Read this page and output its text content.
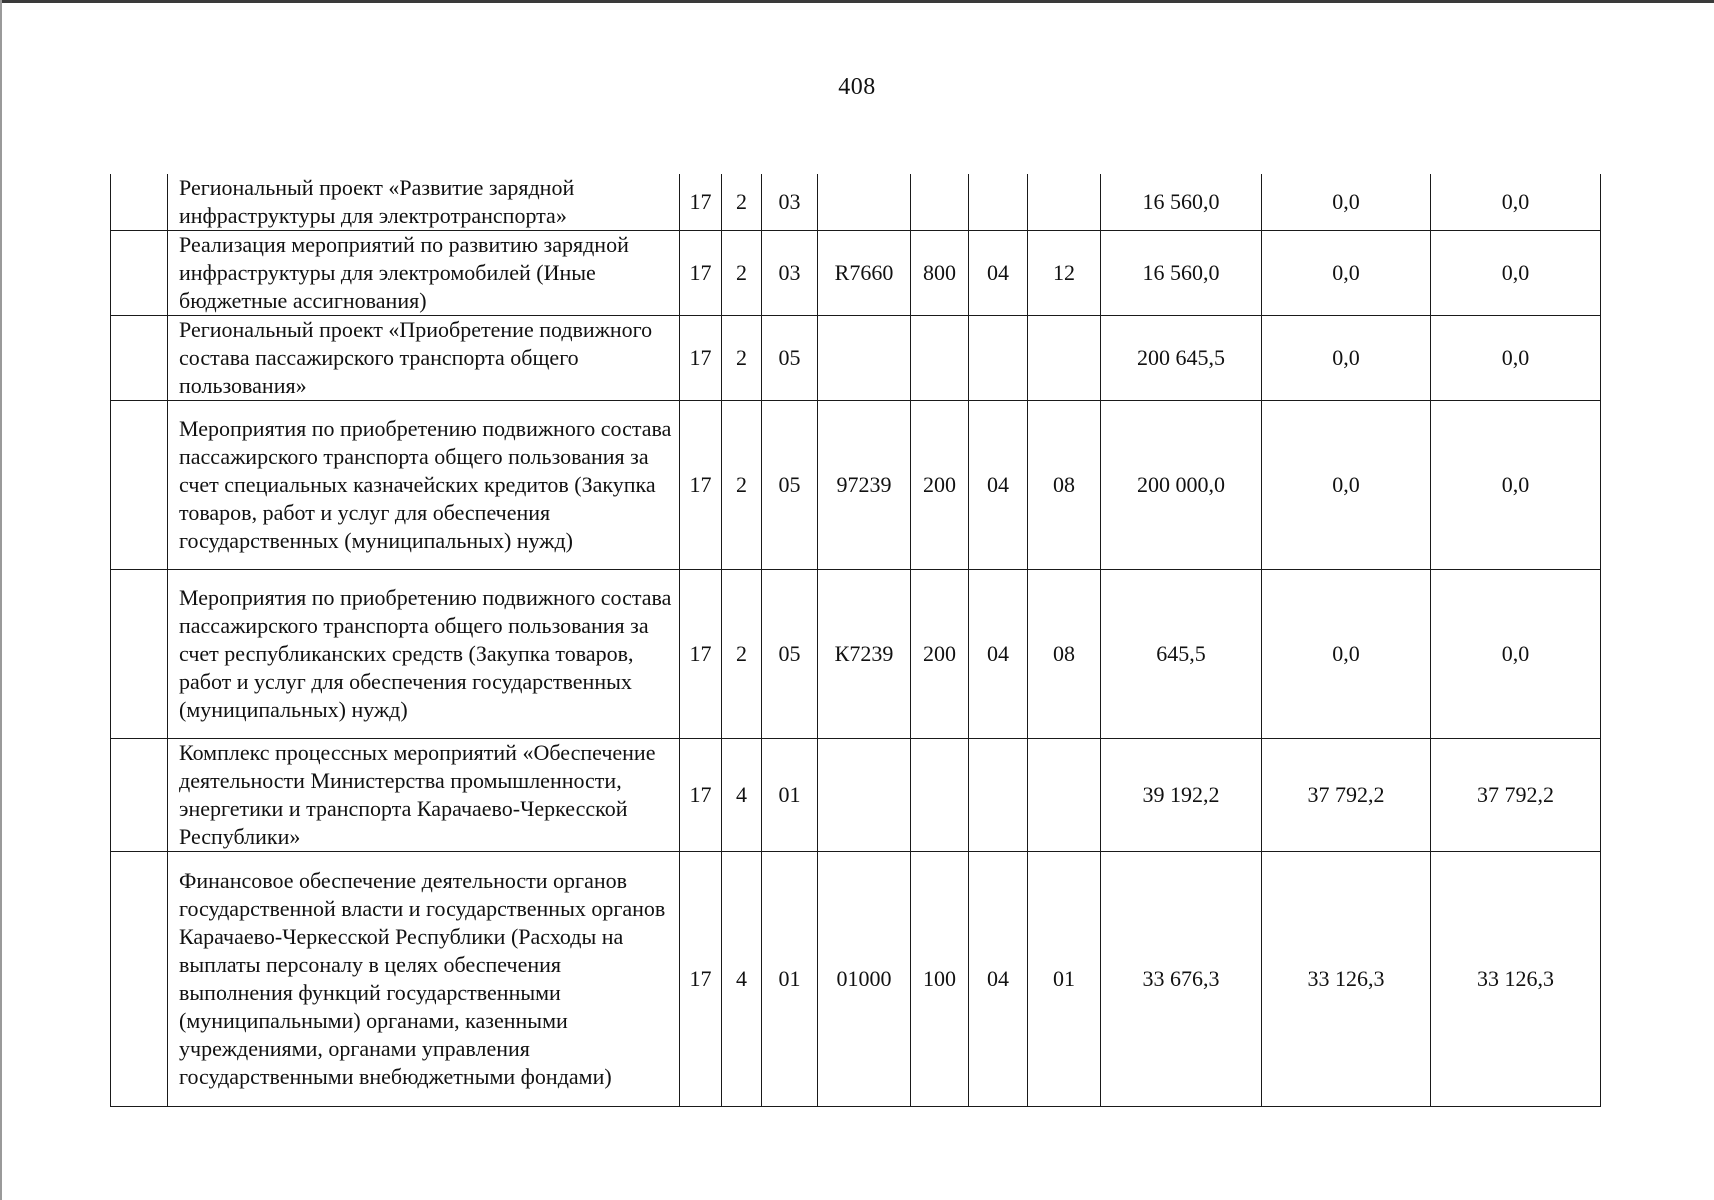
408
	Региональный проект «Развитие зарядной инфраструктуры для электротранспорта»	17	2	03					16 560,0	0,0	0,0
	Реализация мероприятий по развитию зарядной инфраструктуры для электромобилей (Иные бюджетные ассигнования)	17	2	03	R7660	800	04	12	16 560,0	0,0	0,0
	Региональный проект «Приобретение подвижного состава пассажирского транспорта общего пользования»	17	2	05					200 645,5	0,0	0,0
	Мероприятия по приобретению подвижного состава пассажирского транспорта общего пользования за счет специальных казначейских кредитов (Закупка товаров, работ и услуг для обеспечения государственных (муниципальных) нужд)	17	2	05	97239	200	04	08	200 000,0	0,0	0,0
	Мероприятия по приобретению подвижного состава пассажирского транспорта общего пользования за счет республиканских средств (Закупка товаров, работ и услуг для обеспечения государственных (муниципальных) нужд)	17	2	05	К7239	200	04	08	645,5	0,0	0,0
	Комплекс процессных мероприятий «Обеспечение деятельности Министерства промышленности, энергетики и транспорта Карачаево-Черкесской Республики»	17	4	01					39 192,2	37 792,2	37 792,2
	Финансовое обеспечение деятельности органов государственной власти и государственных органов Карачаево-Черкесской Республики (Расходы на выплаты персоналу в целях обеспечения выполнения функций государственными (муниципальными) органами, казенными учреждениями, органами управления государственными внебюджетными фондами)	17	4	01	01000	100	04	01	33 676,3	33 126,3	33 126,3
